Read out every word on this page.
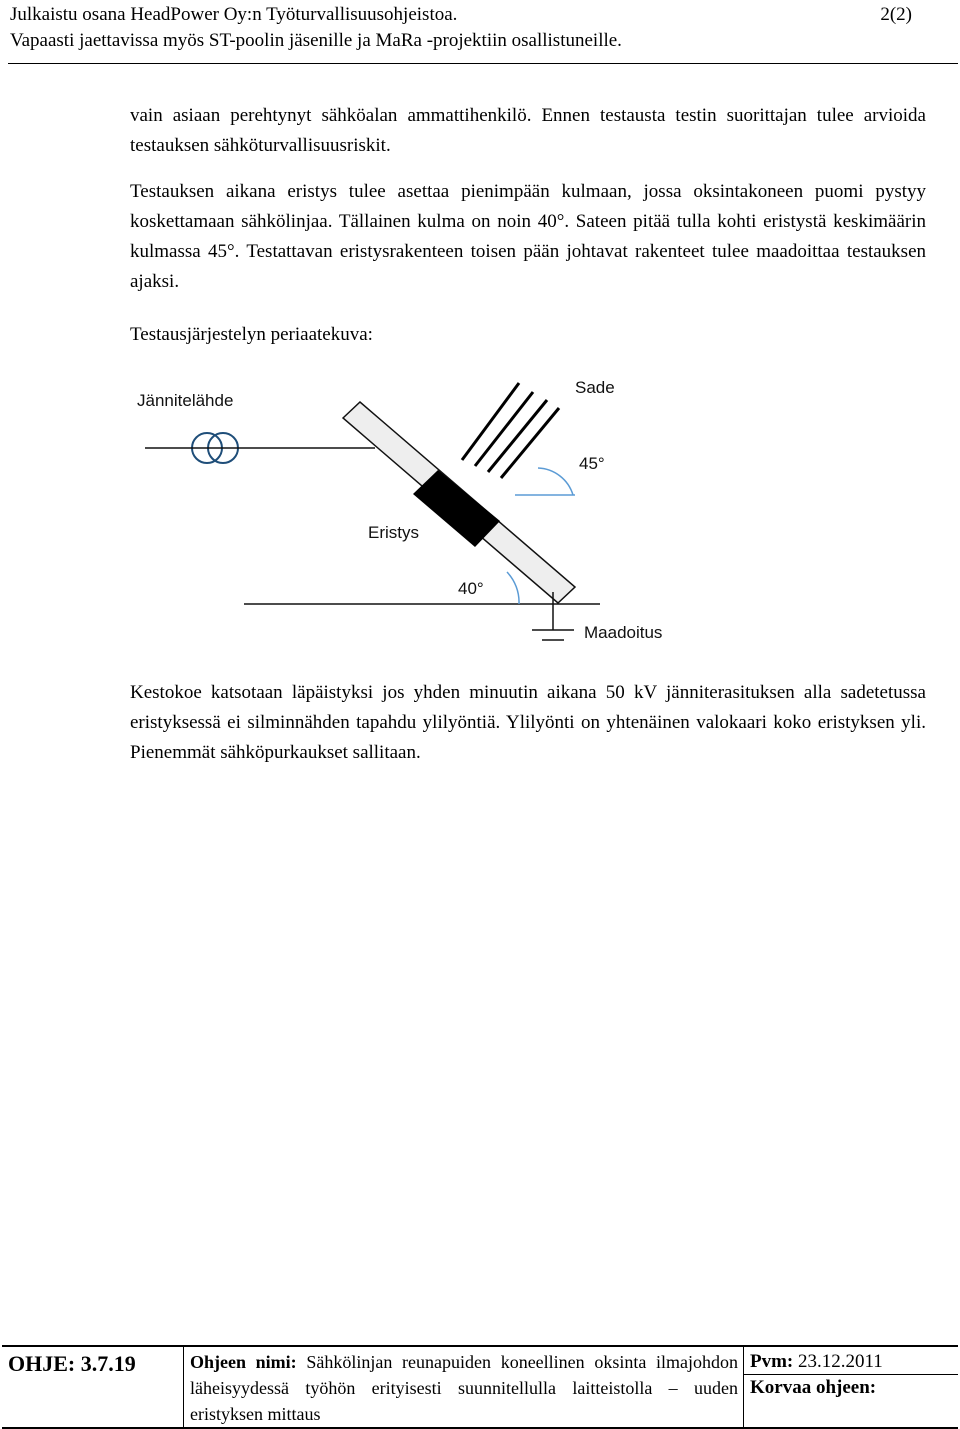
Julkaistu osana HeadPower Oy:n Työturvallisuusohjeistoa.
Vapaasti jaettavissa myös ST-poolin jäsenille ja MaRa -projektiin osallistuneille.
2(2)
vain asiaan perehtynyt sähköalan ammattihenkilö. Ennen testausta testin suorittajan tulee arvioida testauksen sähköturvallisuusriskit.
Testauksen aikana eristys tulee asettaa pienimpään kulmaan, jossa oksintakoneen puomi pystyy koskettamaan sähkölinjaa. Tällainen kulma on noin 40°. Sateen pitää tulla kohti eristystä keskimäärin kulmassa 45°. Testattavan eristysrakenteen toisen pään johtavat rakenteet tulee maadoittaa testauksen ajaksi.
Testausjärjestelyn periaatekuva:
Jännitelähde
Eristys
Sade
45°
40°
Maadoitus
Kestokoe katsotaan läpäistyksi jos yhden minuutin aikana 50 kV jänniterasituksen alla sadetetussa eristyksessä ei silminnähden tapahdu ylilyöntiä. Ylilyönti on yhtenäinen valokaari koko eristyksen yli. Pienemmät sähköpurkaukset sallitaan.
OHJE: 3.7.19	Ohjeen nimi: Sähkölinjan reunapuiden koneellinen oksinta ilmajohdon läheisyydessä työhön erityisesti suunnitellulla laitteistolla – uuden eristyksen mittaus
Pvm: 23.12.2011
Korvaa ohjeen:
